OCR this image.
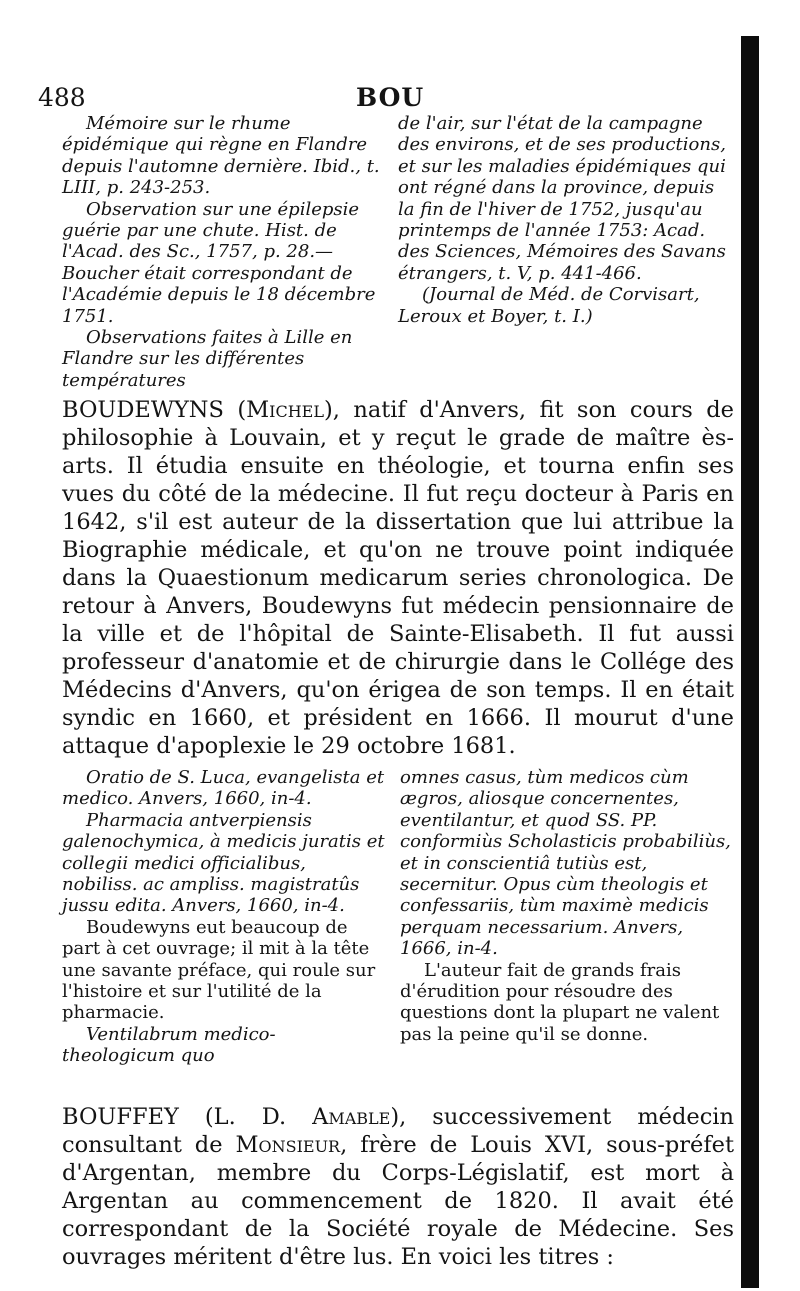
488	BOU

Mémoire sur le rhume épidémique qui règne en Flandre depuis l'automne dernière. Ibid., t. LIII, p. 243-253.

Observation sur une épilepsie guérie par une chute. Hist. de l'Acad. des Sc., 1757, p. 28.—Boucher était correspondant de l'Académie depuis le 18 décembre 1751.

Observations faites à Lille en Flandre sur les différentes températures

de l'air, sur l'état de la campagne des environs, et de ses productions, et sur les maladies épidémiques qui ont régné dans la province, depuis la fin de l'hiver de 1752, jusqu'au printemps de l'année 1753: Acad. des Sciences, Mémoires des Savans étrangers, t. V, p. 441-466.

(Journal de Méd. de Corvisart, Leroux et Boyer, t. I.)

BOUDEWYNS (Michel), natif d'Anvers, fit son cours de philosophie à Louvain, et y reçut le grade de maître ès-arts. Il étudia ensuite en théologie, et tourna enfin ses vues du côté de la médecine. Il fut reçu docteur à Paris en 1642, s'il est auteur de la dissertation que lui attribue la Biographie médicale, et qu'on ne trouve point indiquée dans la Quaestionum medicarum series chronologica. De retour à Anvers, Boudewyns fut médecin pensionnaire de la ville et de l'hôpital de Sainte-Elisabeth. Il fut aussi professeur d'anatomie et de chirurgie dans le Collége des Médecins d'Anvers, qu'on érigea de son temps. Il en était syndic en 1660, et président en 1666. Il mourut d'une attaque d'apoplexie le 29 octobre 1681.

Oratio de S. Luca, evangelista et medico. Anvers, 1660, in-4.

Pharmacia antverpiensis galenochymica, à medicis juratis et collegii medici officialibus, nobiliss. ac ampliss. magistratûs jussu edita. Anvers, 1660, in-4.

Boudewyns eut beaucoup de part à cet ouvrage; il mit à la tête une savante préface, qui roule sur l'histoire et sur l'utilité de la pharmacie.

Ventilabrum medico-theologicum quo

omnes casus, tùm medicos cùm ægros, aliosque concernentes, eventilantur, et quod SS. PP. conformiùs Scholasticis probabiliùs, et in conscientiâ tutiùs est, secernitur. Opus cùm theologis et confessariis, tùm maximè medicis perquam necessarium. Anvers, 1666, in-4.

L'auteur fait de grands frais d'érudition pour résoudre des questions dont la plupart ne valent pas la peine qu'il se donne.

BOUFFEY (L. D. Amable), successivement médecin consultant de Monsieur, frère de Louis XVI, sous-préfet d'Argentan, membre du Corps-Législatif, est mort à Argentan au commencement de 1820. Il avait été correspondant de la Société royale de Médecine. Ses ouvrages méritent d'être lus. En voici les titres :
